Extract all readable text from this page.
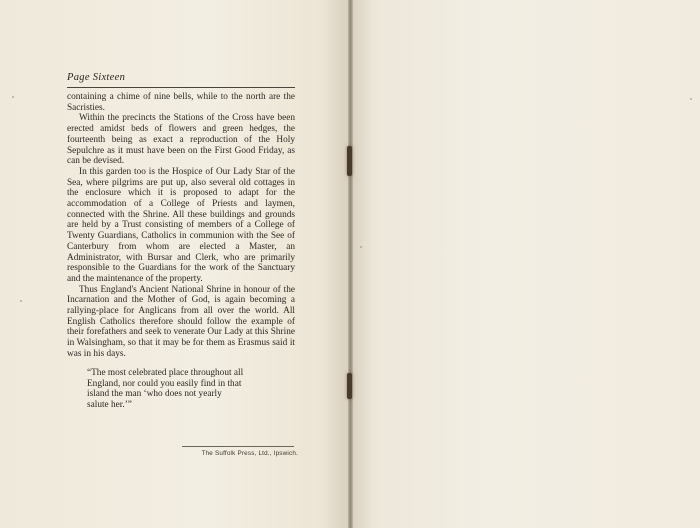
Page Sixteen

containing a chime of nine bells, while to the north are the Sacristies.

Within the precincts the Stations of the Cross have been erected amidst beds of flowers and green hedges, the fourteenth being as exact a reproduction of the Holy Sepulchre as it must have been on the First Good Friday, as can be devised.

In this garden too is the Hospice of Our Lady Star of the Sea, where pilgrims are put up, also several old cottages in the enclosure which it is proposed to adapt for the accommodation of a College of Priests and laymen, connected with the Shrine. All these buildings and grounds are held by a Trust consisting of members of a College of Twenty Guardians, Catholics in communion with the See of Canterbury from whom are elected a Master, an Administrator, with Bursar and Clerk, who are primarily responsible to the Guardians for the work of the Sanctuary and the maintenance of the property.

Thus England's Ancient National Shrine in honour of the Incarnation and the Mother of God, is again becoming a rallying-place for Anglicans from all over the world. All English Catholics therefore should follow the example of their forefathers and seek to venerate Our Lady at this Shrine in Walsingham, so that it may be for them as Erasmus said it was in his days.

“The most celebrated place throughout all

England, nor could you easily find in that

island the man ‘who does not yearly

salute her.’”

The Suffolk Press, Ltd., Ipswich.
